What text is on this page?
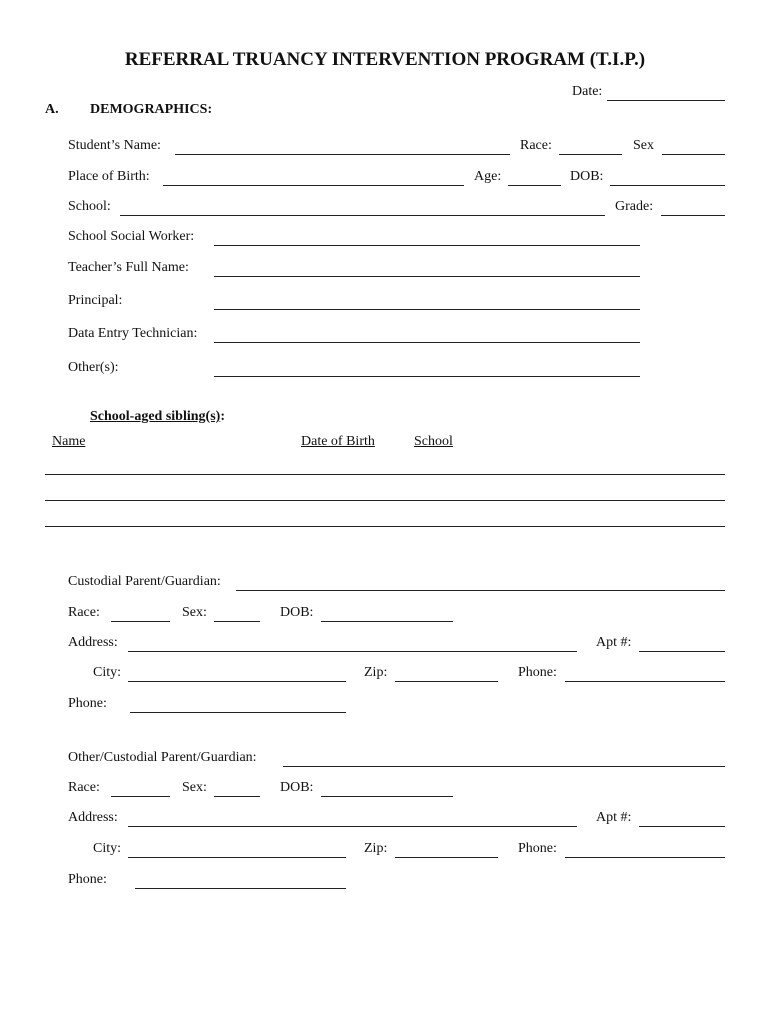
REFERRAL TRUANCY INTERVENTION PROGRAM (T.I.P.)
Date:
A. DEMOGRAPHICS:
Student’s Name:	Race:	Sex
Place of Birth:	Age:	DOB:
School:	Grade:
School Social Worker:
Teacher’s Full Name:
Principal:
Data Entry Technician:
Other(s):
School-aged sibling(s):
Name	Date of Birth	School
Custodial Parent/Guardian:
Race:	Sex:	DOB:
Address:	Apt #:
City:	Zip:	Phone:
Phone:
Other/Custodial Parent/Guardian:
Race:	Sex:	DOB:
Address:	Apt #:
City:	Zip:	Phone:
Phone:
